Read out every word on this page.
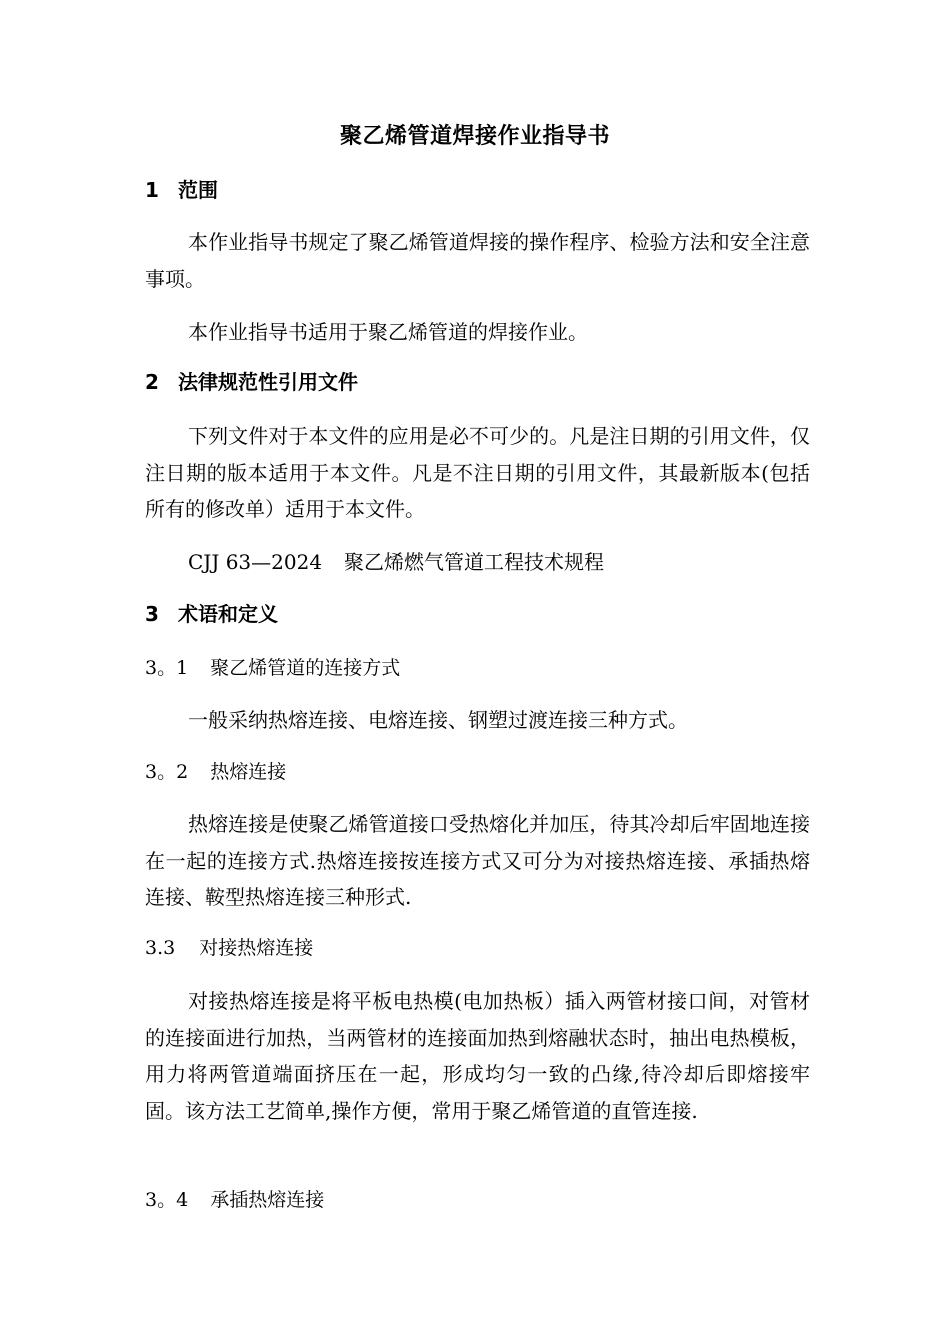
聚乙烯管道焊接作业指导书
1 范围

本作业指导书规定了聚乙烯管道焊接的操作程序、检验方法和安全注意事项。

本作业指导书适用于聚乙烯管道的焊接作业。

2 法律规范性引用文件

下列文件对于本文件的应用是必不可少的。凡是注日期的引用文件，仅注日期的版本适用于本文件。凡是不注日期的引用文件，其最新版本(包括所有的修改单）适用于本文件。

CJJ 63—2024 聚乙烯燃气管道工程技术规程
3 术语和定义
3。1 聚乙烯管道的连接方式

一般采纳热熔连接、电熔连接、钢塑过渡连接三种方式。

3。2 热熔连接

热熔连接是使聚乙烯管道接口受热熔化并加压，待其冷却后牢固地连接在一起的连接方式.热熔连接按连接方式又可分为对接热熔连接、承插热熔连接、鞍型热熔连接三种形式.

3.3 对接热熔连接

对接热熔连接是将平板电热模(电加热板）插入两管材接口间，对管材的连接面进行加热，当两管材的连接面加热到熔融状态时，抽出电热模板，用力将两管道端面挤压在一起，形成均匀一致的凸缘,待冷却后即熔接牢固。该方法工艺简单,操作方便，常用于聚乙烯管道的直管连接.

3。4 承插热熔连接
